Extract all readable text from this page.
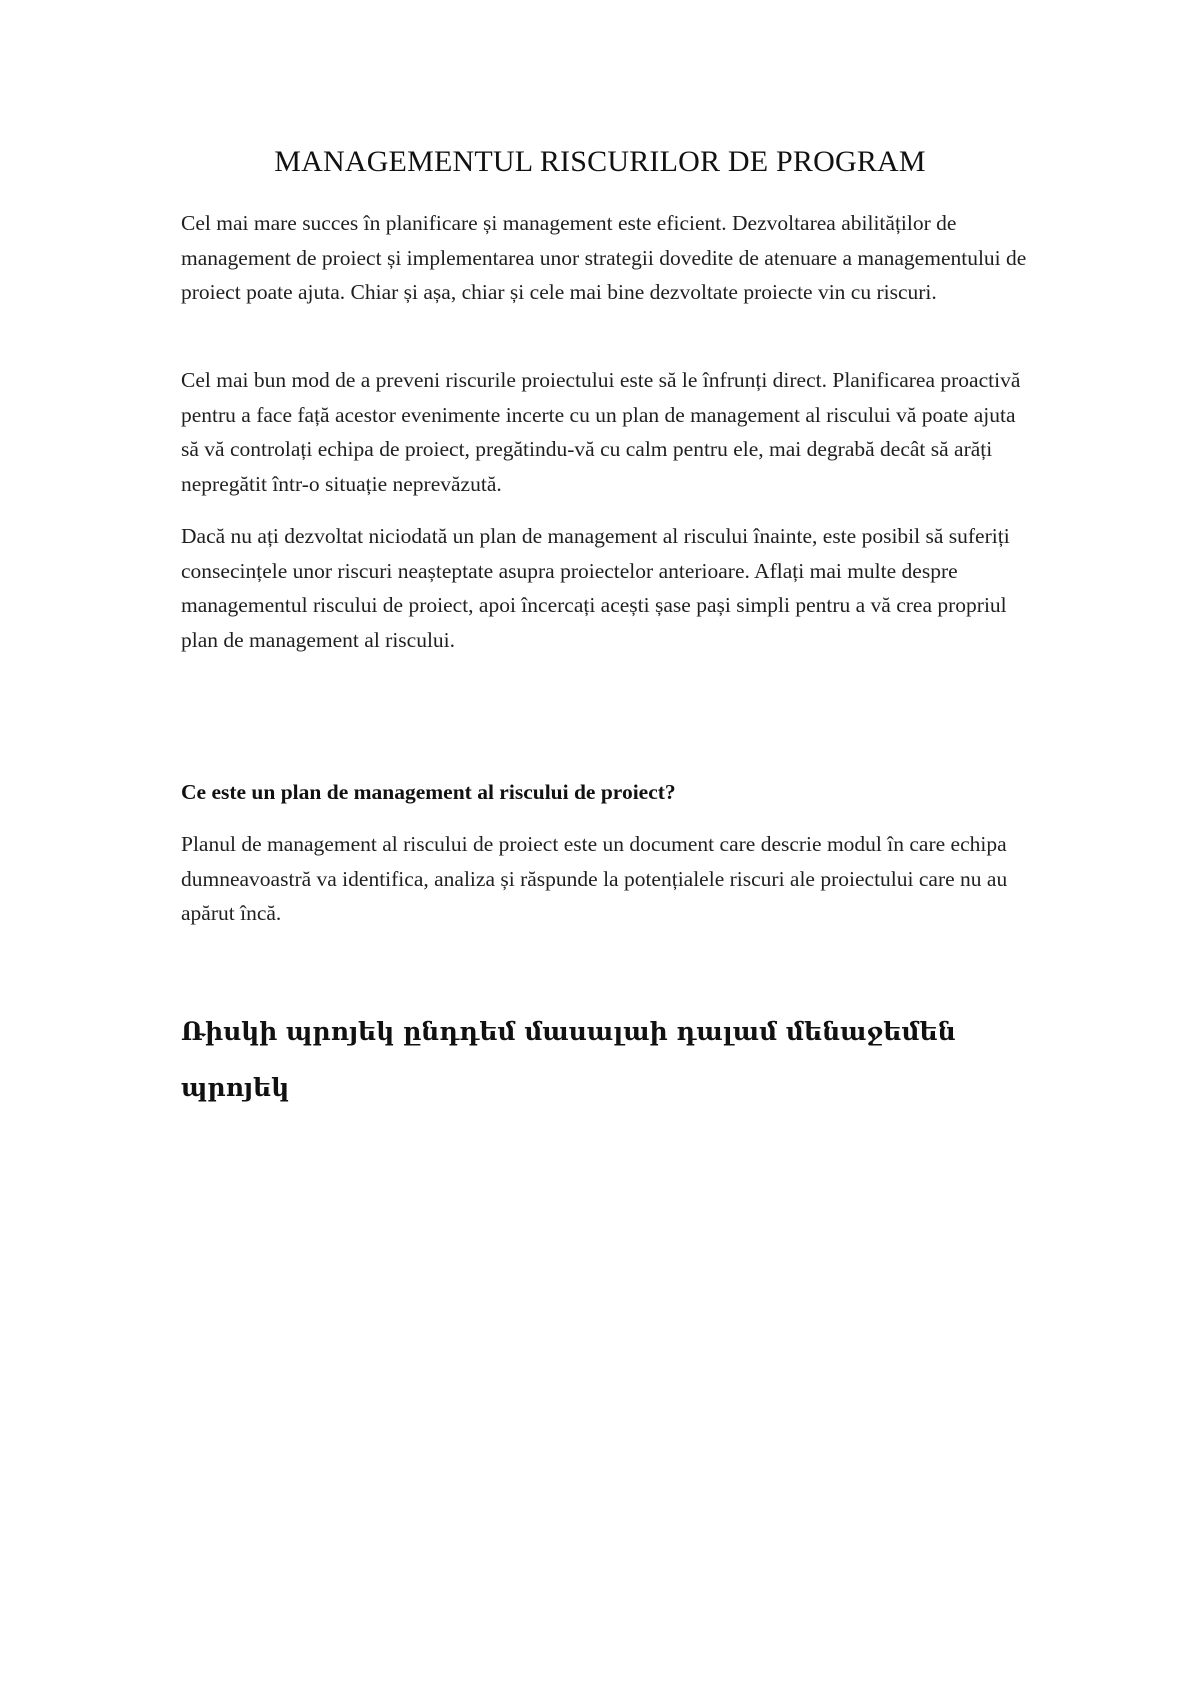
MANAGEMENTUL RISCURILOR DE PROGRAM

Cel mai mare succes în planificare și management este eficient. Dezvoltarea abilităților de management de proiect și implementarea unor strategii dovedite de atenuare a managementului de proiect poate ajuta. Chiar și așa, chiar și cele mai bine dezvoltate proiecte vin cu riscuri.

Cel mai bun mod de a preveni riscurile proiectului este să le înfrunți direct. Planificarea proactivă pentru a face față acestor evenimente incerte cu un plan de management al riscului vă poate ajuta să vă controlați echipa de proiect, pregătindu-vă cu calm pentru ele, mai degrabă decât să arăți nepregătit într-o situație neprevăzută.

Dacă nu ați dezvoltat niciodată un plan de management al riscului înainte, este posibil să suferiți consecințele unor riscuri neașteptate asupra proiectelor anterioare. Aflați mai multe despre managementul riscului de proiect, apoi încercați acești șase pași simpli pentru a vă crea propriul plan de management al riscului.

Ce este un plan de management al riscului de proiect?

Planul de management al riscului de proiect este un document care descrie modul în care echipa dumneavoastră va identifica, analiza și răspunde la potențialele riscuri ale proiectului care nu au apărut încă.

Ռիսկի պրոյեկ ընդդեմ մասալաի դալամ մենաջեմեն պրոյեկ
